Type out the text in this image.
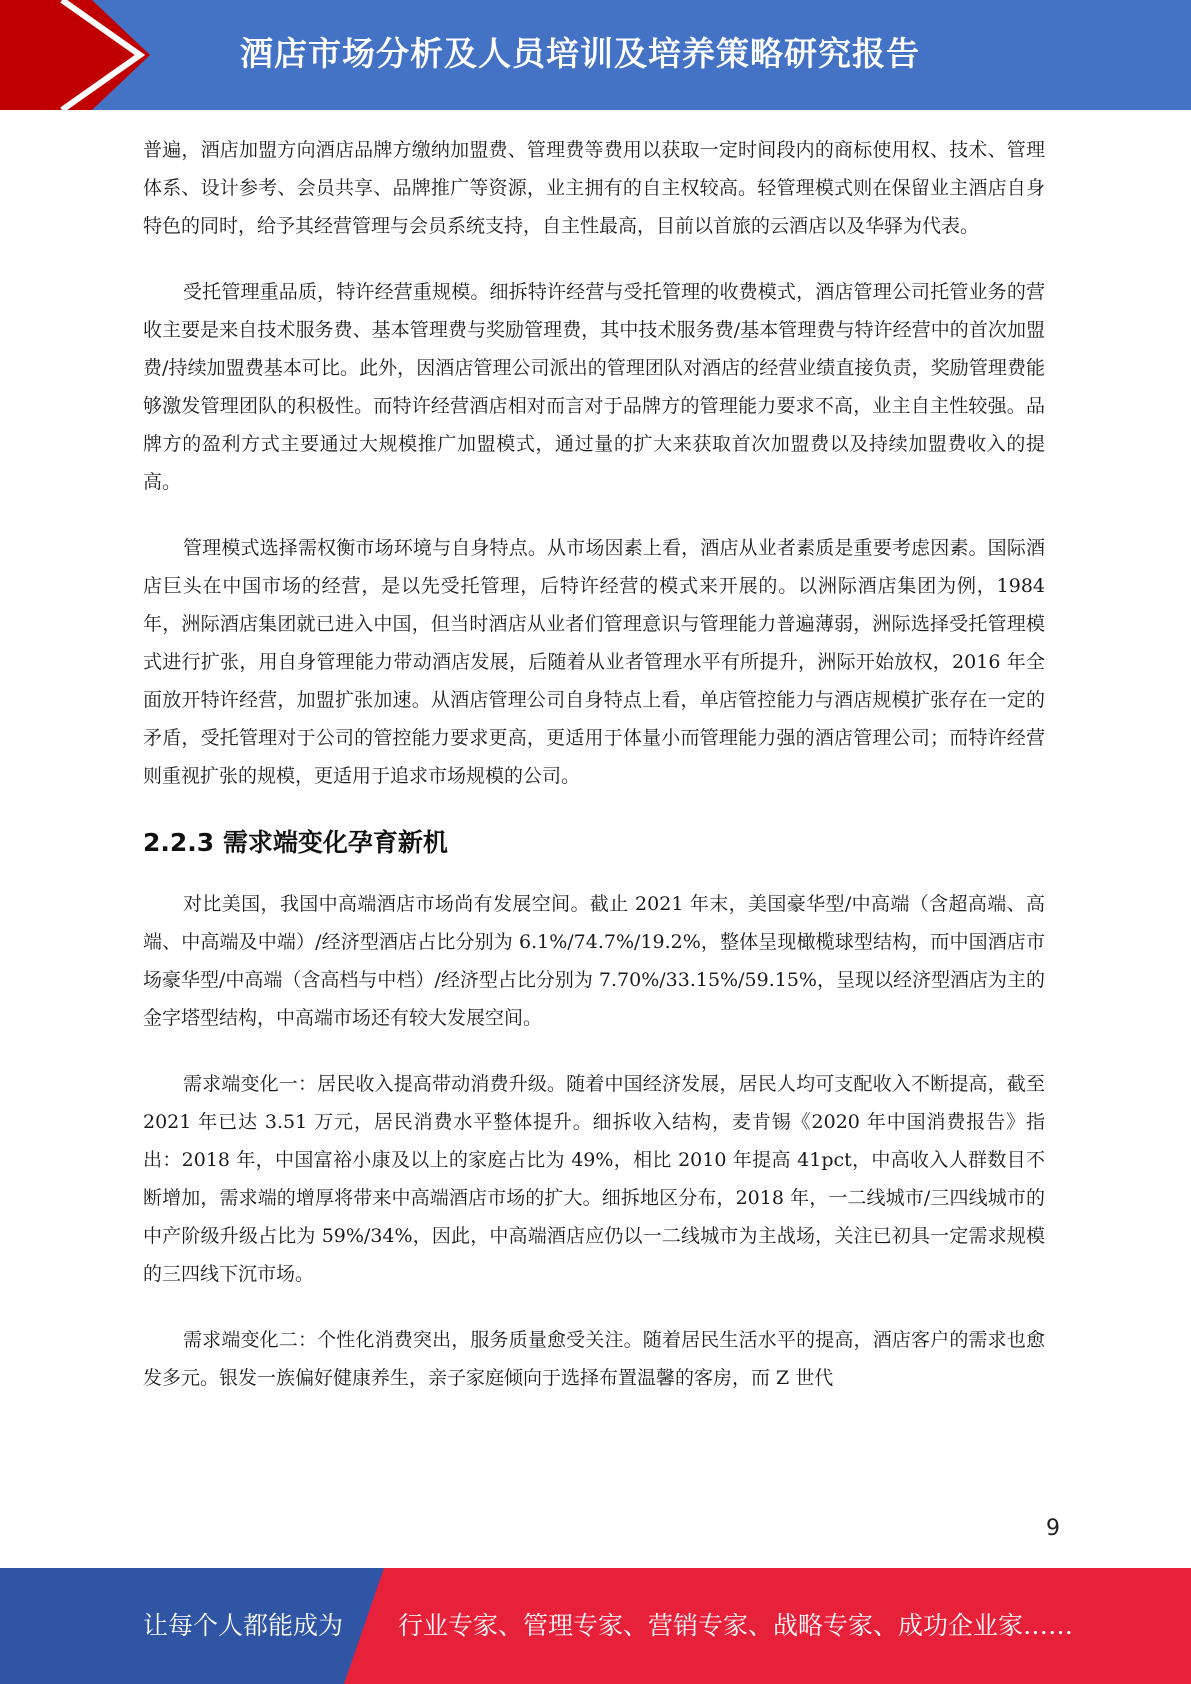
酒店市场分析及人员培训及培养策略研究报告

普遍，酒店加盟方向酒店品牌方缴纳加盟费、管理费等费用以获取一定时间段内的商标使用权、技术、管理体系、设计参考、会员共享、品牌推广等资源，业主拥有的自主权较高。轻管理模式则在保留业主酒店自身特色的同时，给予其经营管理与会员系统支持，自主性最高，目前以首旅的云酒店以及华驿为代表。

受托管理重品质，特许经营重规模。细拆特许经营与受托管理的收费模式，酒店管理公司托管业务的营收主要是来自技术服务费、基本管理费与奖励管理费，其中技术服务费/基本管理费与特许经营中的首次加盟费/持续加盟费基本可比。此外，因酒店管理公司派出的管理团队对酒店的经营业绩直接负责，奖励管理费能够激发管理团队的积极性。而特许经营酒店相对而言对于品牌方的管理能力要求不高，业主自主性较强。品牌方的盈利方式主要通过大规模推广加盟模式，通过量的扩大来获取首次加盟费以及持续加盟费收入的提高。

管理模式选择需权衡市场环境与自身特点。从市场因素上看，酒店从业者素质是重要考虑因素。国际酒店巨头在中国市场的经营，是以先受托管理，后特许经营的模式来开展的。以洲际酒店集团为例，1984 年，洲际酒店集团就已进入中国，但当时酒店从业者们管理意识与管理能力普遍薄弱，洲际选择受托管理模式进行扩张，用自身管理能力带动酒店发展，后随着从业者管理水平有所提升，洲际开始放权，2016 年全面放开特许经营，加盟扩张加速。从酒店管理公司自身特点上看，单店管控能力与酒店规模扩张存在一定的矛盾，受托管理对于公司的管控能力要求更高，更适用于体量小而管理能力强的酒店管理公司；而特许经营则重视扩张的规模，更适用于追求市场规模的公司。

2.2.3 需求端变化孕育新机

对比美国，我国中高端酒店市场尚有发展空间。截止 2021 年末，美国豪华型/中高端（含超高端、高端、中高端及中端）/经济型酒店占比分别为 6.1%/74.7%/19.2%，整体呈现橄榄球型结构，而中国酒店市场豪华型/中高端（含高档与中档）/经济型占比分别为 7.70%/33.15%/59.15%，呈现以经济型酒店为主的金字塔型结构，中高端市场还有较大发展空间。

需求端变化一：居民收入提高带动消费升级。随着中国经济发展，居民人均可支配收入不断提高，截至 2021 年已达 3.51 万元，居民消费水平整体提升。细拆收入结构，麦肯锡《2020 年中国消费报告》指出：2018 年，中国富裕小康及以上的家庭占比为 49%，相比 2010 年提高 41pct，中高收入人群数目不断增加，需求端的增厚将带来中高端酒店市场的扩大。细拆地区分布，2018 年，一二线城市/三四线城市的中产阶级升级占比为 59%/34%，因此，中高端酒店应仍以一二线城市为主战场，关注已初具一定需求规模的三四线下沉市场。

需求端变化二：个性化消费突出，服务质量愈受关注。随着居民生活水平的提高，酒店客户的需求也愈发多元。银发一族偏好健康养生，亲子家庭倾向于选择布置温馨的客房，而 Z 世代

9
让每个人都能成为 行业专家、管理专家、营销专家、战略专家、成功企业家……
